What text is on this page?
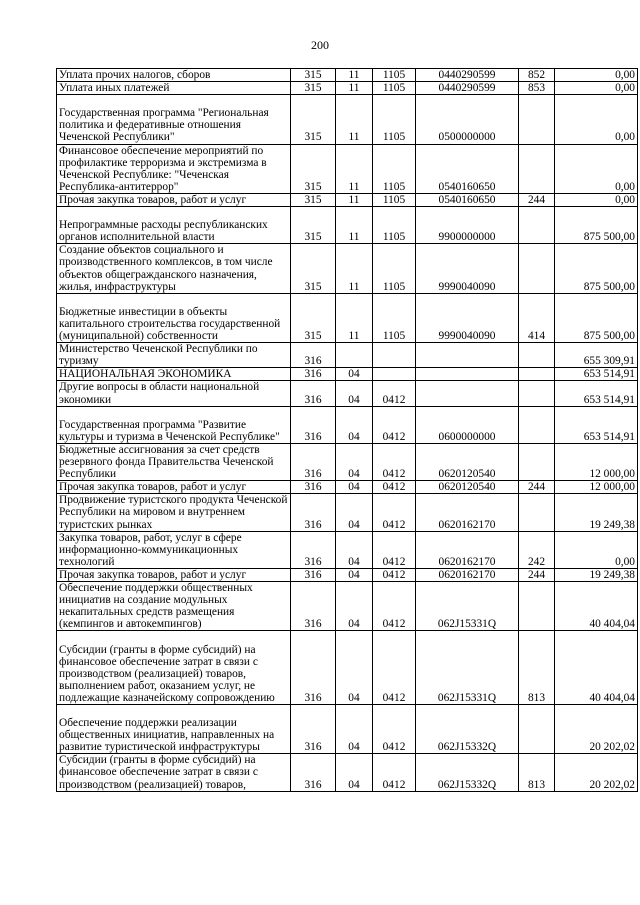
200
Уплата прочих налогов, сборов	315	11	1105	0440290599	852	0,00
Уплата иных платежей	315	11	1105	0440290599	853	0,00
Государственная программа "Региональная политика и федеративные отношения Чеченской Республики"	315	11	1105	0500000000		0,00
Финансовое обеспечение мероприятий по профилактике терроризма и экстремизма в Чеченской Республике: "Чеченская Республика-антитеррор"	315	11	1105	0540160650		0,00
Прочая закупка товаров, работ и услуг	315	11	1105	0540160650	244	0,00
Непрограммные расходы республиканских органов исполнительной власти	315	11	1105	9900000000		875 500,00
Создание объектов социального и производственного комплексов, в том числе объектов общегражданского назначения, жилья, инфраструктуры	315	11	1105	9990040090		875 500,00
Бюджетные инвестиции в объекты капитального строительства государственной (муниципальной) собственности	315	11	1105	9990040090	414	875 500,00
Министерство Чеченской Республики по туризму	316					655 309,91
НАЦИОНАЛЬНАЯ ЭКОНОМИКА	316	04				653 514,91
Другие вопросы в области национальной экономики	316	04	0412			653 514,91
Государственная программа "Развитие культуры и туризма в Чеченской Республике"	316	04	0412	0600000000		653 514,91
Бюджетные ассигнования за счет средств резервного фонда Правительства Чеченской Республики	316	04	0412	0620120540		12 000,00
Прочая закупка товаров, работ и услуг	316	04	0412	0620120540	244	12 000,00
Продвижение туристского продукта Чеченской Республики на мировом и внутреннем туристских рынках	316	04	0412	0620162170		19 249,38
Закупка товаров, работ, услуг в сфере информационно-коммуникационных технологий	316	04	0412	0620162170	242	0,00
Прочая закупка товаров, работ и услуг	316	04	0412	0620162170	244	19 249,38
Обеспечение поддержки общественных инициатив на создание модульных некапитальных средств размещения (кемпингов и автокемпингов)	316	04	0412	062J15331Q		40 404,04
Субсидии (гранты в форме субсидий) на финансовое обеспечение затрат в связи с производством (реализацией) товаров, выполнением работ, оказанием услуг, не подлежащие казначейскому сопровождению	316	04	0412	062J15331Q	813	40 404,04
Обеспечение поддержки реализации общественных инициатив, направленных на развитие туристической инфраструктуры	316	04	0412	062J15332Q		20 202,02
Субсидии (гранты в форме субсидий) на финансовое обеспечение затрат в связи с производством (реализацией) товаров,	316	04	0412	062J15332Q	813	20 202,02
